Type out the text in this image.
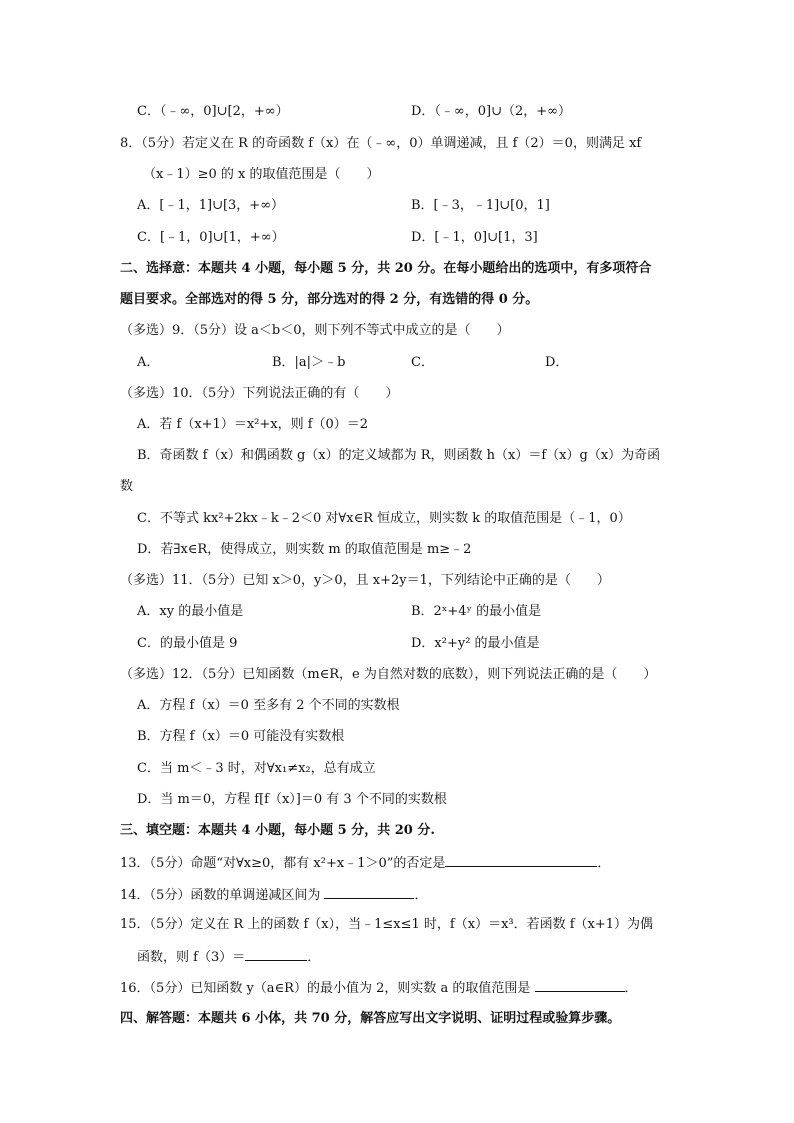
C．（﹣∞，0]∪[2，+∞）	D．（﹣∞，0]∪（2，+∞）
8．（5分）若定义在 R 的奇函数 f（x）在（﹣∞，0）单调递减，且 f（2）＝0，则满足 xf
（x﹣1）≥0 的 x 的取值范围是（　　）
A．[﹣1，1]∪[3，+∞）	B．[﹣3，﹣1]∪[0，1]
C．[﹣1，0]∪[1，+∞）	D．[﹣1，0]∪[1，3]
二、选择意：本题共 4 小题，每小题 5 分，共 20 分。在每小题给出的选项中，有多项符合
题目要求。全部选对的得 5 分，部分选对的得 2 分，有选错的得 0 分。
（多选）9．（5分）设 a＜b＜0，则下列不等式中成立的是（　　）
A．	B．|a|＞﹣b	C．	D．
（多选）10．（5分）下列说法正确的有（　　）
A．若 f（x+1）＝x²+x，则 f（0）＝2
B．奇函数 f（x）和偶函数 g（x）的定义域都为 R，则函数 h（x）＝f（x）g（x）为奇函
数
C．不等式 kx²+2kx﹣k﹣2＜0 对∀x∈R 恒成立，则实数 k 的取值范围是（﹣1，0）
D．若∃x∈R，使得成立，则实数 m 的取值范围是 m≥﹣2
（多选）11．（5分）已知 x＞0，y＞0，且 x+2y＝1，下列结论中正确的是（　　）
A．xy 的最小值是	B．2ˣ+4ʸ 的最小值是
C．的最小值是 9	D．x²+y² 的最小值是
（多选）12．（5分）已知函数（m∈R，e 为自然对数的底数），则下列说法正确的是（　　）
A．方程 f（x）＝0 至多有 2 个不同的实数根
B．方程 f（x）＝0 可能没有实数根
C．当 m＜﹣3 时，对∀x₁≠x₂，总有成立
D．当 m＝0，方程 f[f（x）]＝0 有 3 个不同的实数根
三、填空题：本题共 4 小题，每小题 5 分，共 20 分.
13．（5分）命题“对∀x≥0，都有 x²+x﹣1＞0”的否定是	．
14．（5分）函数的单调递减区间为	．
15．（5分）定义在 R 上的函数 f（x），当﹣1≤x≤1 时，f（x）＝x³．若函数 f（x+1）为偶
函数，则 f（3）＝	．
16．（5分）已知函数 y（a∈R）的最小值为 2，则实数 a 的取值范围是	．
四、解答题：本题共 6 小体，共 70 分，解答应写出文字说明、证明过程或验算步骤。
